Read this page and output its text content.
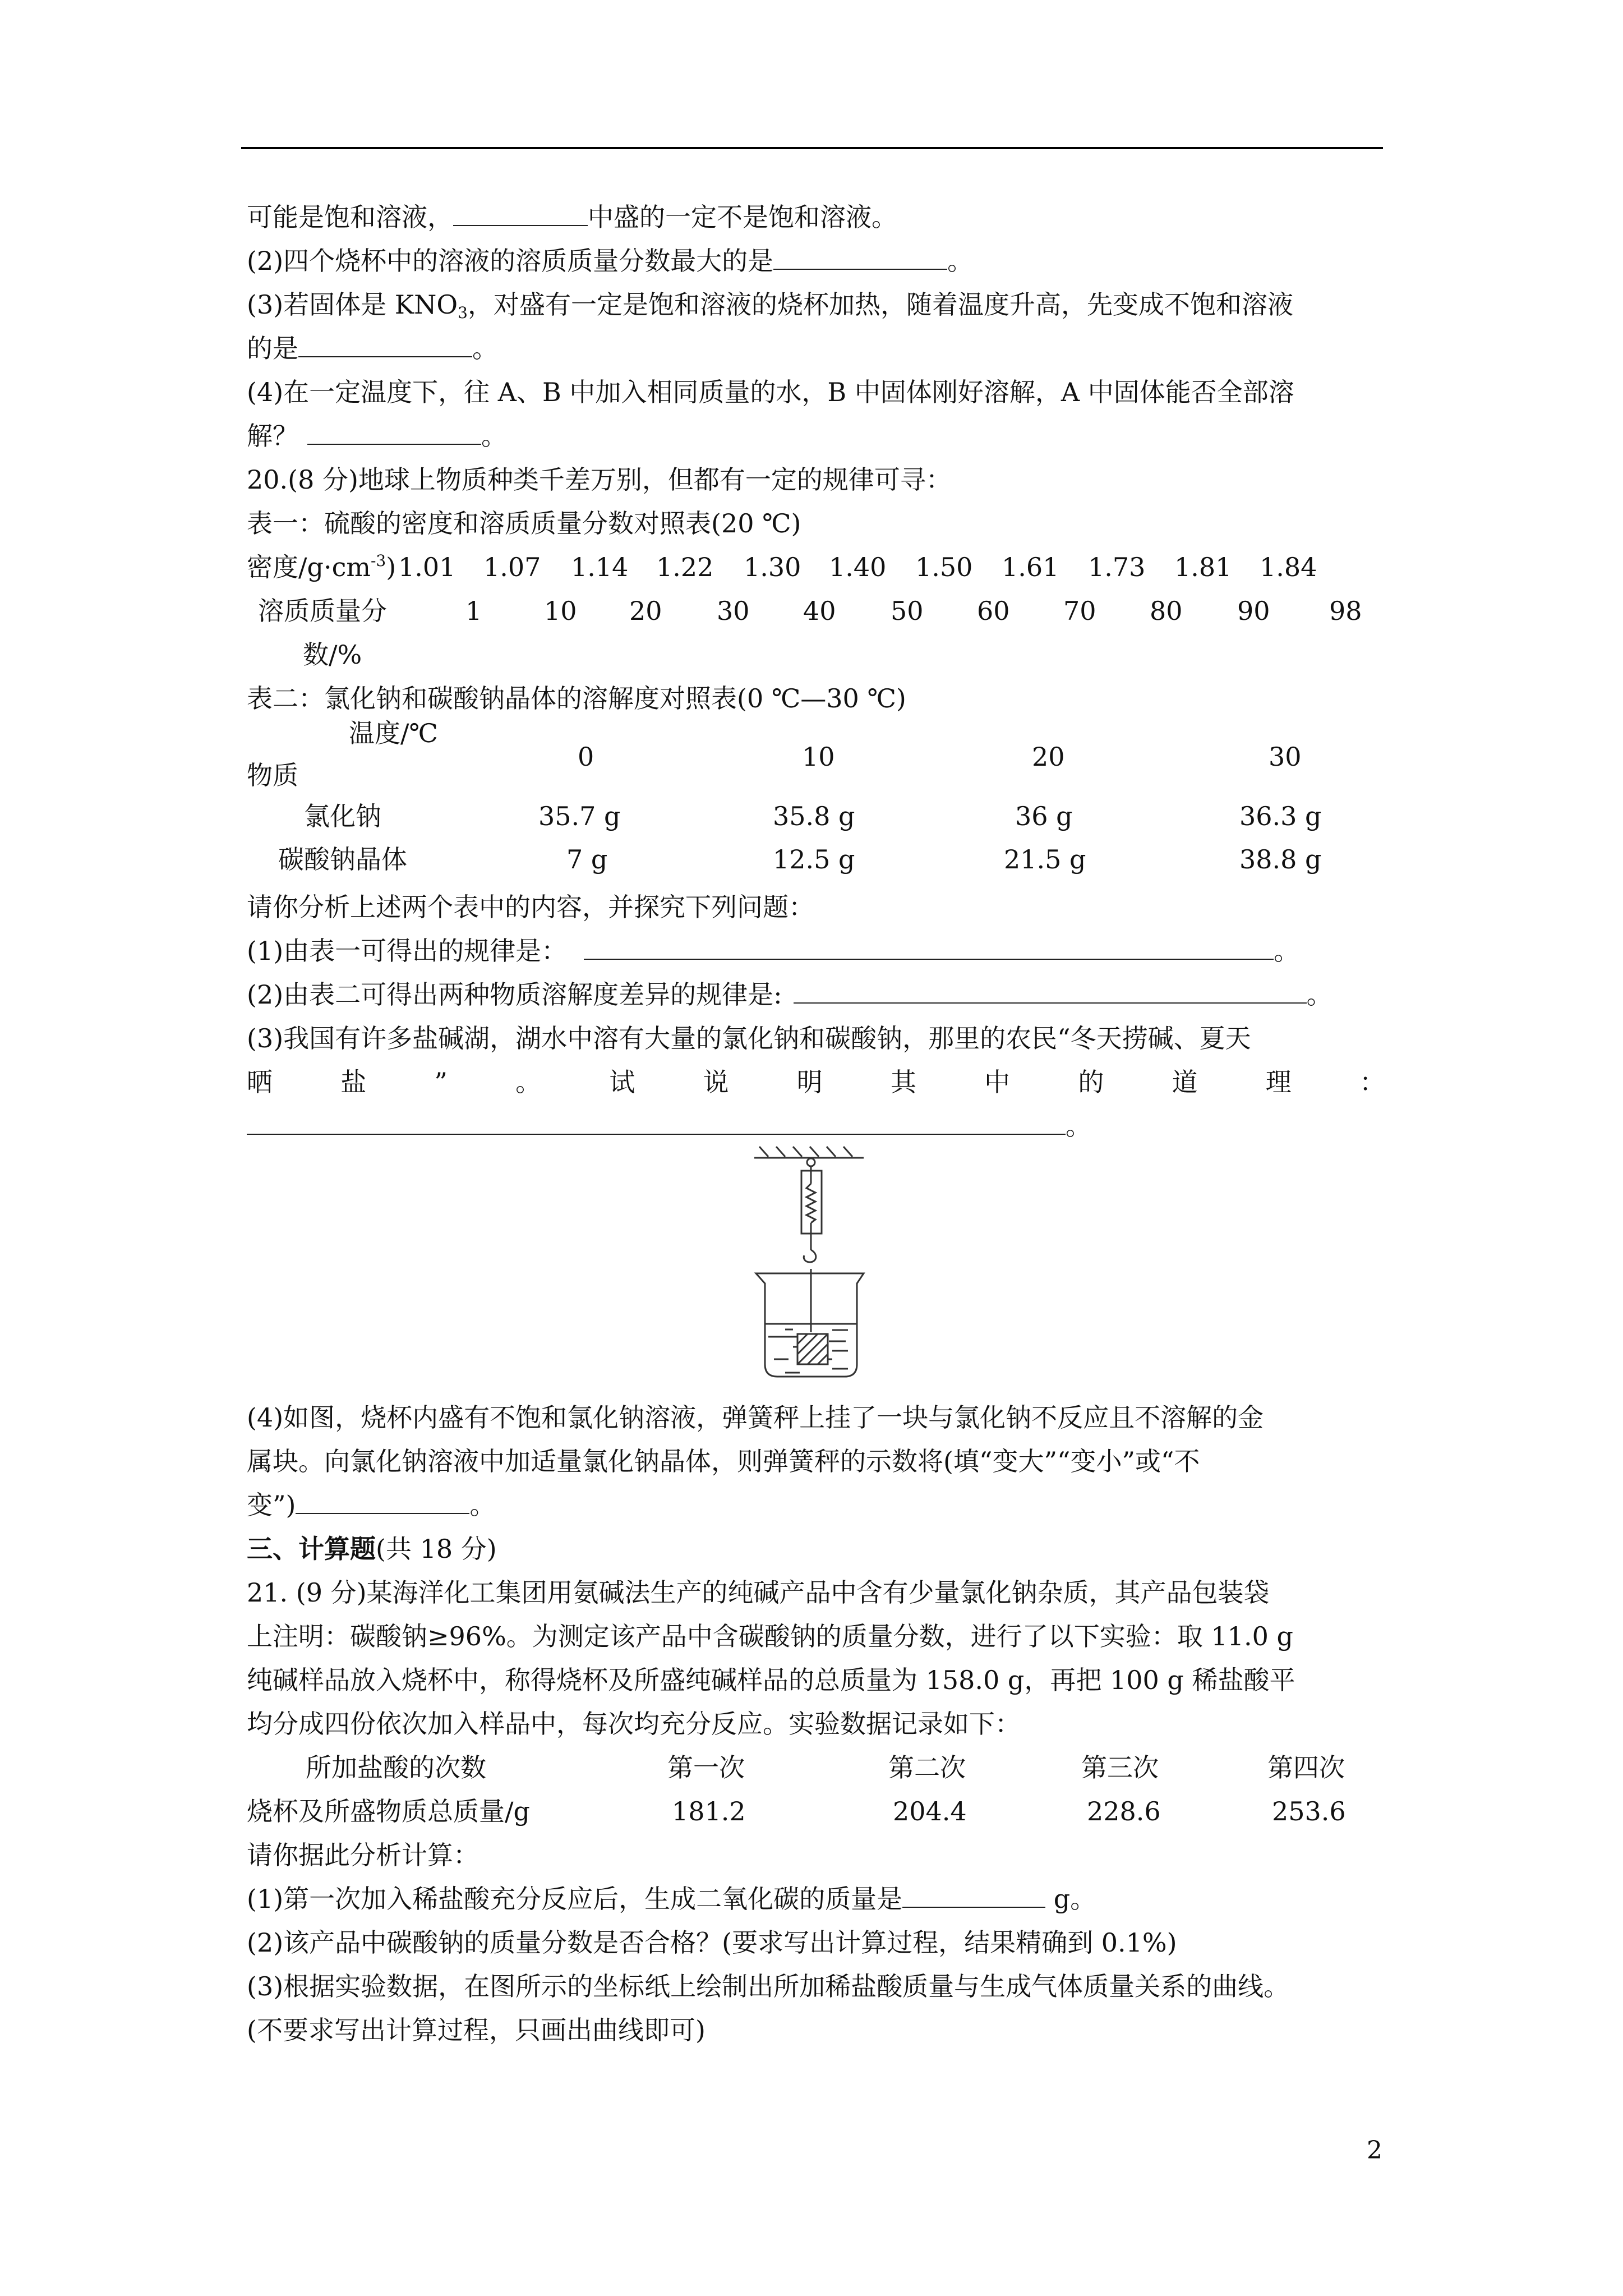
可能是饱和溶液，	中盛的一定不是饱和溶液。
(2)四个烧杯中的溶液的溶质质量分数最大的是	。
(3)若固体是 $KNO_3$，对盛有一定是饱和溶液的烧杯加热，随着温度升高，先变成不饱和溶液
的是	。
(4)在一定温度下，往 A、B 中加入相同质量的水，B 中固体刚好溶解，A 中固体能否全部溶
解？	。
20.(8 分)地球上物质种类千差万别，但都有一定的规律可寻：
表一：硫酸的密度和溶质质量分数对照表(20 ℃)
密度$/g\cdot cm^{-3}$) 1.01 1.07 1.14 1.22 1.30 1.40 1.50 1.61 1.73 1.81 1.84
溶质质量分	1 10 20 30 40 50 60 70 80 90 98
数/%
表二：氯化钠和碳酸钠晶体的溶解度对照表(0 ℃—30 ℃)
温度/℃
物质
0	10	20	30
氯化钠	35.7 g	35.8 g	36 g	36.3 g
碳酸钠晶体	7 g	12.5 g	21.5 g	38.8 g
请你分析上述两个表中的内容，并探究下列问题：
(1)由表一可得出的规律是：	。
(2)由表二可得出两种物质溶解度差异的规律是:	。
(3)我国有许多盐碱湖，湖水中溶有大量的氯化钠和碳酸钠，那里的农民“冬天捞碱、夏天
晒	盐	”	。	试	说	明	其	中	的	道	理	：
。
(4)如图，烧杯内盛有不饱和氯化钠溶液，弹簧秤上挂了一块与氯化钠不反应且不溶解的金
属块。向氯化钠溶液中加适量氯化钠晶体，则弹簧秤的示数将(填“变大”“变小”或“不
变”)	。
三、计算题(共 18 分)
21. (9 分)某海洋化工集团用氨碱法生产的纯碱产品中含有少量氯化钠杂质，其产品包装袋
上注明：碳酸钠≥96%。为测定该产品中含碳酸钠的质量分数，进行了以下实验：取 11.0 g
纯碱样品放入烧杯中，称得烧杯及所盛纯碱样品的总质量为 158.0 g，再把 100 g 稀盐酸平
均分成四份依次加入样品中，每次均充分反应。实验数据记录如下：
所加盐酸的次数	第一次	第二次	第三次	第四次
烧杯及所盛物质总质量/g	181.2	204.4	228.6	253.6
请你据此分析计算：
(1)第一次加入稀盐酸充分反应后，生成二氧化碳的质量是	g。
(2)该产品中碳酸钠的质量分数是否合格？(要求写出计算过程，结果精确到 0.1%)
(3)根据实验数据，在图所示的坐标纸上绘制出所加稀盐酸质量与生成气体质量关系的曲线。
(不要求写出计算过程，只画出曲线即可)
2
